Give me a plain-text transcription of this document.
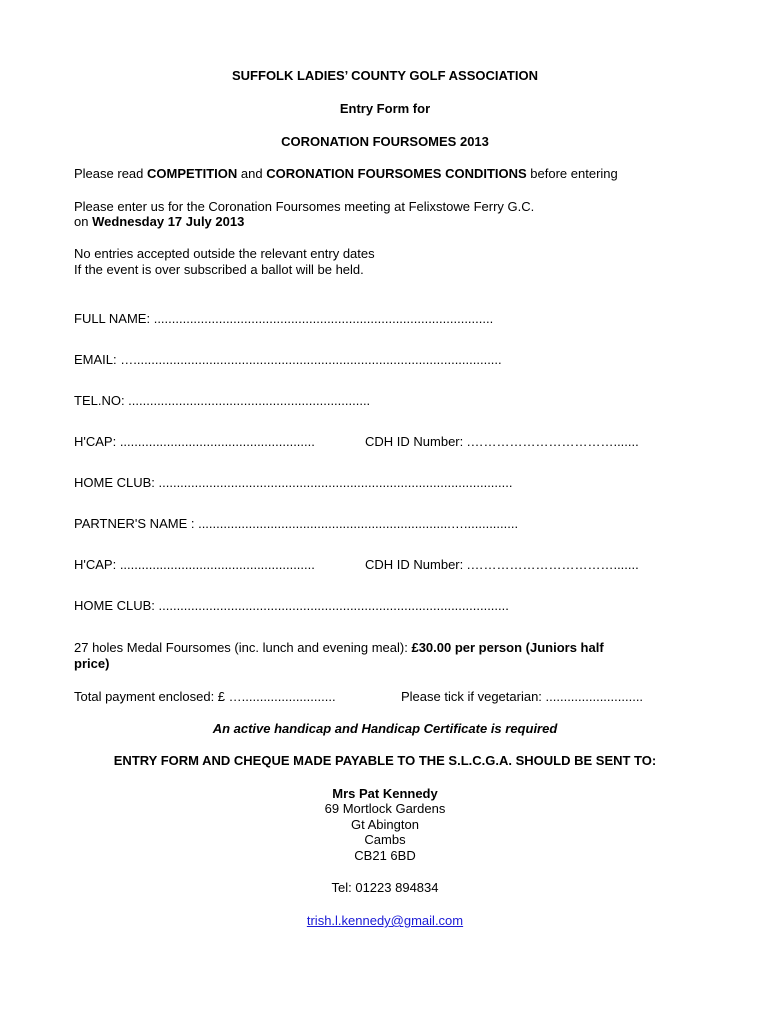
SUFFOLK LADIES’ COUNTY GOLF ASSOCIATION
Entry Form for
CORONATION FOURSOMES 2013
Please read COMPETITION and CORONATION FOURSOMES CONDITIONS before entering
Please enter us for the Coronation Foursomes meeting at Felixstowe Ferry G.C.
on Wednesday 17 July 2013
No entries accepted outside the relevant entry dates
If the event is over subscribed a ballot will be held.
FULL NAME: ..............................................................................................
EMAIL: …......................................................................................................
TEL.NO: ...................................................................
H'CAP: ......................................................	CDH ID Number: .…………………………….......
HOME CLUB: ..................................................................................................
PARTNER'S NAME : ......................................................................…...............
H'CAP: ......................................................	CDH ID Number: .…………………………….......
HOME CLUB: .................................................................................................
27 holes Medal Foursomes (inc. lunch and evening meal): £30.00 per person (Juniors half
price)
Total payment enclosed: £ …..........................	Please tick if vegetarian: ...........................
An active handicap and Handicap Certificate is required
ENTRY FORM AND CHEQUE MADE PAYABLE TO THE S.L.C.G.A. SHOULD BE SENT TO:
Mrs Pat Kennedy
69 Mortlock Gardens
Gt Abington
Cambs
CB21 6BD
Tel: 01223 894834
trish.l.kennedy@gmail.com
